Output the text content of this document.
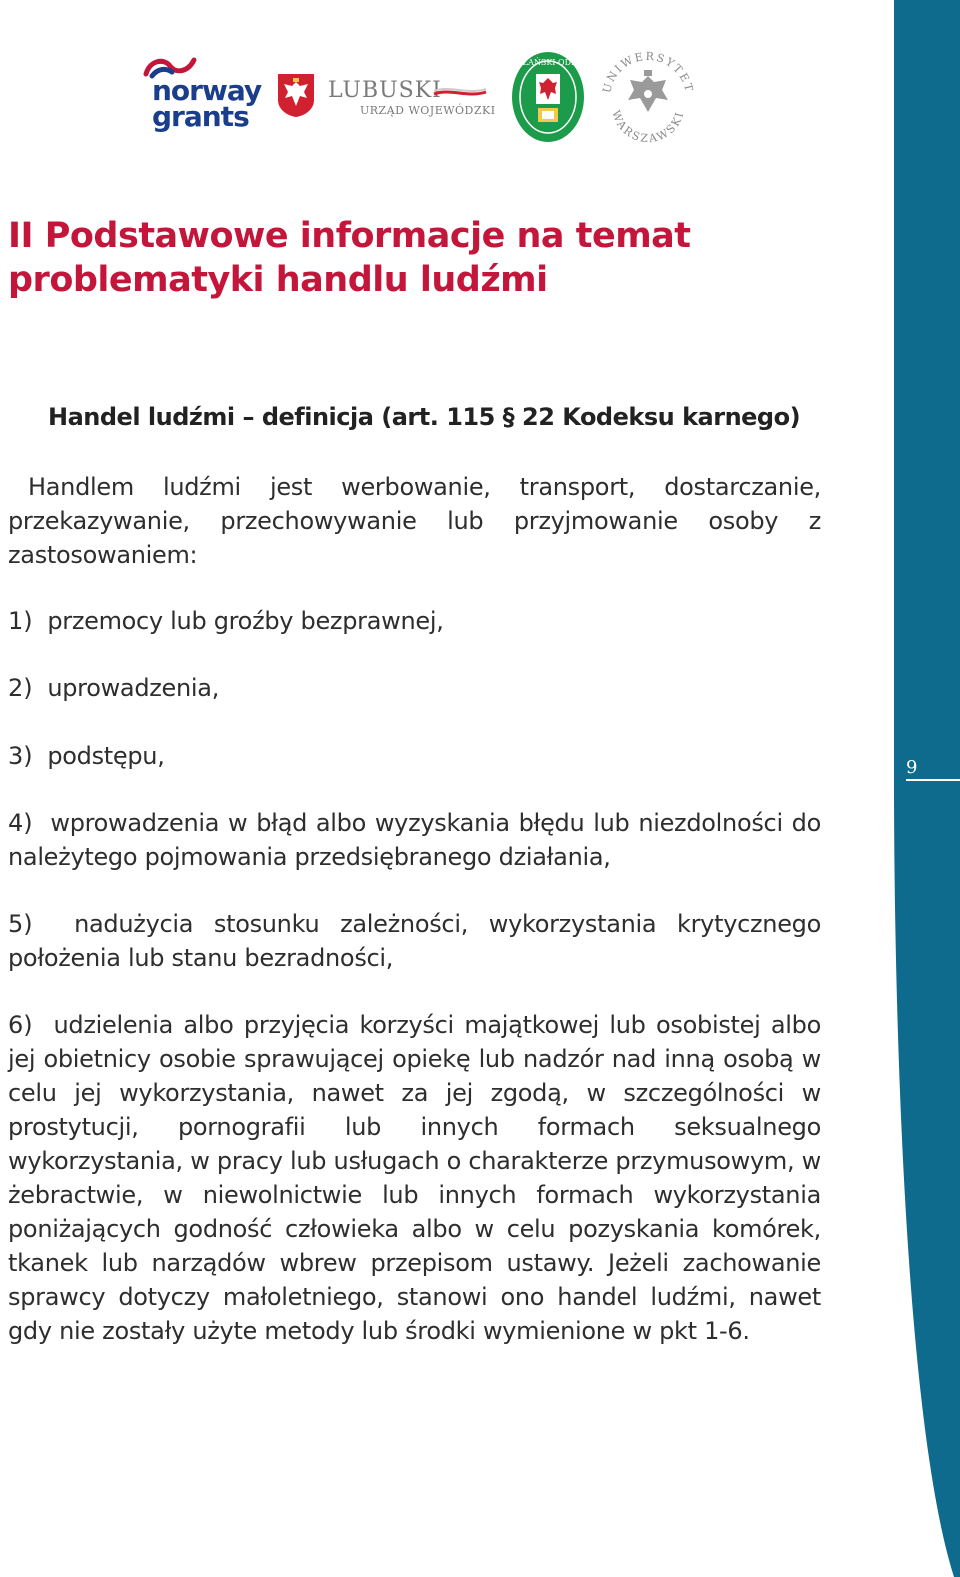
9
norway
grants
LUBUSKI
URZĄD WOJEWÓDZKI
NADODRZAŃSKI ODDZIAŁ SG
UNIWERSYTET
WARSZAWSKI
II Podstawowe informacje na temat problematyki handlu ludźmi
Handel ludźmi – definicja (art. 115 § 22 Kodeksu karnego)

Handlem ludźmi jest werbowanie, transport, dostarczanie, przekazywanie, przechowywanie lub przyjmowanie osoby z zastosowaniem:

1) przemocy lub groźby bezprawnej,

2) uprowadzenia,

3) podstępu,

4) wprowadzenia w błąd albo wyzyskania błędu lub niezdolności do należytego pojmowania przedsiębranego działania,

5) nadużycia stosunku zależności, wykorzystania krytycznego położenia lub stanu bezradności,

6) udzielenia albo przyjęcia korzyści majątkowej lub osobistej albo jej obietnicy osobie sprawującej opiekę lub nadzór nad inną osobą w celu jej wykorzystania, nawet za jej zgodą, w szczególności w prostytucji, pornografii lub innych formach seksualnego wykorzystania, w pracy lub usługach o charakterze przymusowym, w żebractwie, w niewolnictwie lub innych formach wykorzystania poniżających godność człowieka albo w celu pozyskania komórek, tkanek lub narządów wbrew przepisom ustawy. Jeżeli zachowanie sprawcy dotyczy małoletniego, stanowi ono handel ludźmi, nawet gdy nie zostały użyte metody lub środki wymienione w pkt 1-6.
